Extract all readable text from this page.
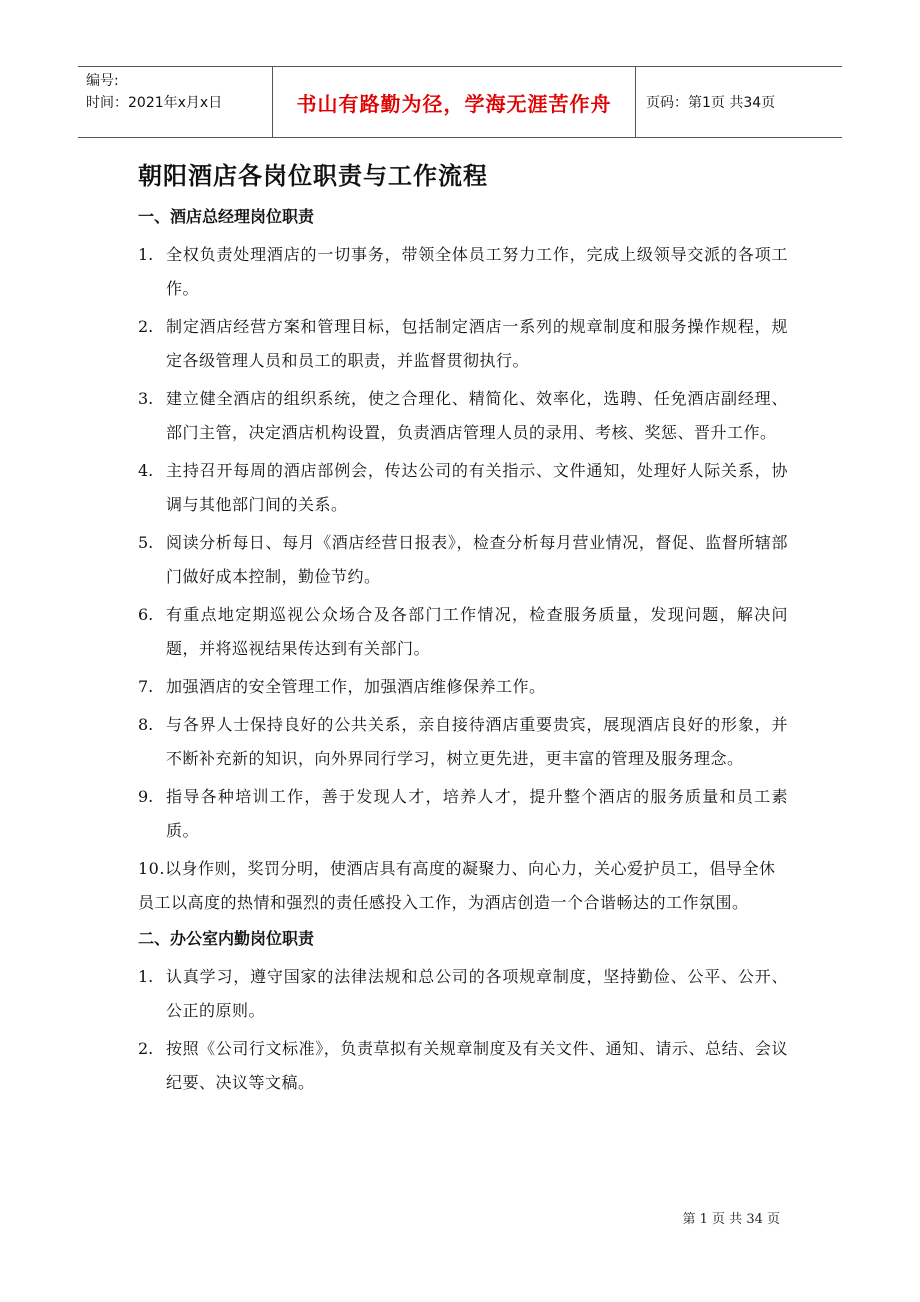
编号:
时间：2021年x月x日	书山有路勤为径，学海无涯苦作舟	页码：第1页 共34页
朝阳酒店各岗位职责与工作流程
一、酒店总经理岗位职责
1. 全权负责处理酒店的一切事务，带领全体员工努力工作，完成上级领导交派的各项工作。
2. 制定酒店经营方案和管理目标，包括制定酒店一系列的规章制度和服务操作规程，规定各级管理人员和员工的职责，并监督贯彻执行。
3. 建立健全酒店的组织系统，使之合理化、精简化、效率化，选聘、任免酒店副经理、部门主管，决定酒店机构设置，负责酒店管理人员的录用、考核、奖惩、晋升工作。
4. 主持召开每周的酒店部例会，传达公司的有关指示、文件通知，处理好人际关系，协调与其他部门间的关系。
5. 阅读分析每日、每月《酒店经营日报表》，检查分析每月营业情况，督促、监督所辖部门做好成本控制，勤俭节约。
6. 有重点地定期巡视公众场合及各部门工作情况，检查服务质量，发现问题，解决问题，并将巡视结果传达到有关部门。
7. 加强酒店的安全管理工作，加强酒店维修保养工作。
8. 与各界人士保持良好的公共关系，亲自接待酒店重要贵宾，展现酒店良好的形象，并不断补充新的知识，向外界同行学习，树立更先进，更丰富的管理及服务理念。
9. 指导各种培训工作，善于发现人才，培养人才，提升整个酒店的服务质量和员工素质。
10.以身作则，奖罚分明，使酒店具有高度的凝聚力、向心力，关心爱护员工，倡导全休员工以高度的热情和强烈的责任感投入工作，为酒店创造一个合谐畅达的工作氛围。
二、办公室内勤岗位职责
1. 认真学习，遵守国家的法律法规和总公司的各项规章制度，坚持勤俭、公平、公开、公正的原则。
2. 按照《公司行文标准》，负责草拟有关规章制度及有关文件、通知、请示、总结、会议纪要、决议等文稿。
第 1 页 共 34 页
